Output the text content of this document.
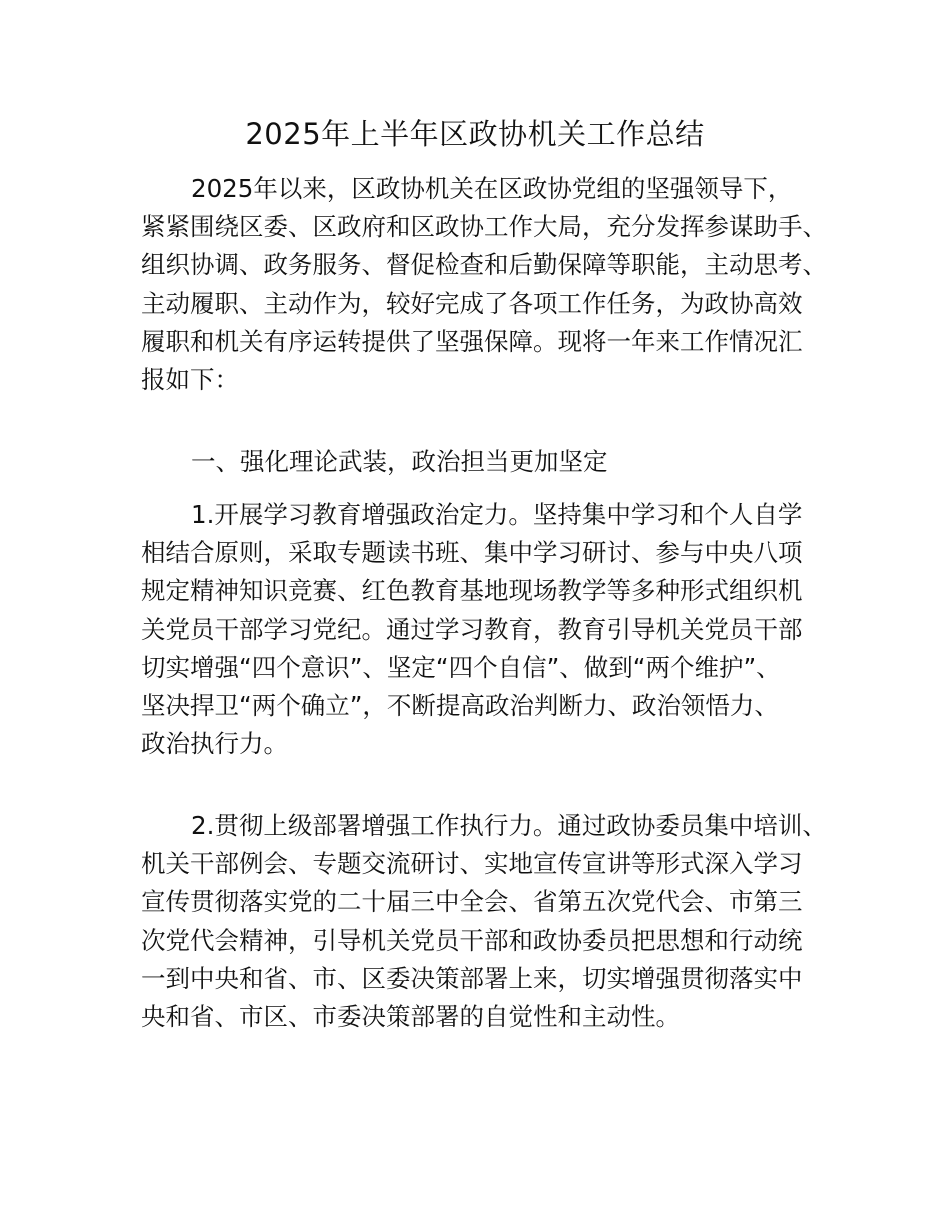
2025年上半年区政协机关工作总结

2025年以来，区政协机关在区政协党组的坚强领导下，
紧紧围绕区委、区政府和区政协工作大局，充分发挥参谋助手、
组织协调、政务服务、督促检查和后勤保障等职能，主动思考、
主动履职、主动作为，较好完成了各项工作任务，为政协高效
履职和机关有序运转提供了坚强保障。现将一年来工作情况汇
报如下：

一、强化理论武装，政治担当更加坚定

1.开展学习教育增强政治定力。坚持集中学习和个人自学
相结合原则，采取专题读书班、集中学习研讨、参与中央八项
规定精神知识竞赛、红色教育基地现场教学等多种形式组织机
关党员干部学习党纪。通过学习教育，教育引导机关党员干部
切实增强“四个意识”、坚定“四个自信”、做到“两个维护”、
坚决捍卫“两个确立”，不断提高政治判断力、政治领悟力、
政治执行力。

2.贯彻上级部署增强工作执行力。通过政协委员集中培训、
机关干部例会、专题交流研讨、实地宣传宣讲等形式深入学习
宣传贯彻落实党的二十届三中全会、省第五次党代会、市第三
次党代会精神，引导机关党员干部和政协委员把思想和行动统
一到中央和省、市、区委决策部署上来，切实增强贯彻落实中
央和省、市区、市委决策部署的自觉性和主动性。
